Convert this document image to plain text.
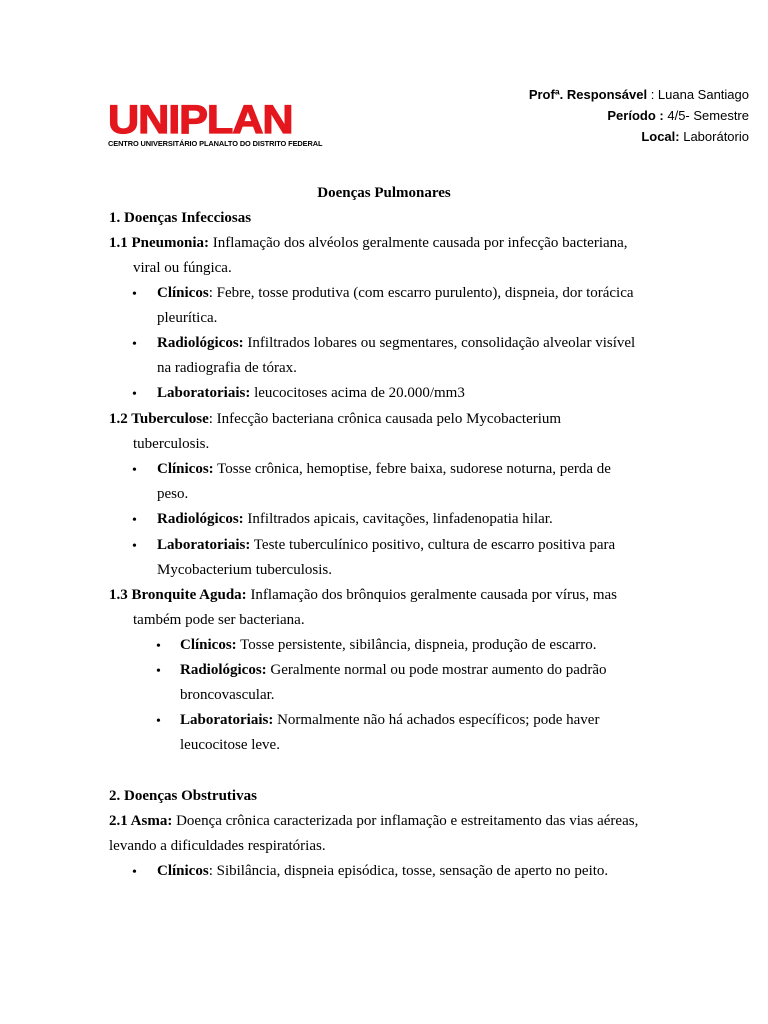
Profª. Responsável : Luana Santiago
Período : 4/5- Semestre
Local: Laborátorio
UNIPLAN
CENTRO UNIVERSITÁRIO PLANALTO DO DISTRITO FEDERAL
Doenças Pulmonares
1. Doenças Infecciosas
1.1 Pneumonia: Inflamação dos alvéolos geralmente causada por infecção bacteriana,
viral ou fúngica.
• Clínicos: Febre, tosse produtiva (com escarro purulento), dispneia, dor torácica
pleurítica.
• Radiológicos: Infiltrados lobares ou segmentares, consolidação alveolar visível
na radiografia de tórax.
• Laboratoriais: leucocitoses acima de 20.000/mm3
1.2 Tuberculose: Infecção bacteriana crônica causada pelo Mycobacterium
tuberculosis.
• Clínicos: Tosse crônica, hemoptise, febre baixa, sudorese noturna, perda de
peso.
• Radiológicos: Infiltrados apicais, cavitações, linfadenopatia hilar.
• Laboratoriais: Teste tuberculínico positivo, cultura de escarro positiva para
Mycobacterium tuberculosis.
1.3 Bronquite Aguda: Inflamação dos brônquios geralmente causada por vírus, mas
também pode ser bacteriana.
• Clínicos: Tosse persistente, sibilância, dispneia, produção de escarro.
• Radiológicos: Geralmente normal ou pode mostrar aumento do padrão
broncovascular.
• Laboratoriais: Normalmente não há achados específicos; pode haver
leucocitose leve.
2. Doenças Obstrutivas
2.1 Asma: Doença crônica caracterizada por inflamação e estreitamento das vias aéreas,
levando a dificuldades respiratórias.
• Clínicos: Sibilância, dispneia episódica, tosse, sensação de aperto no peito.
